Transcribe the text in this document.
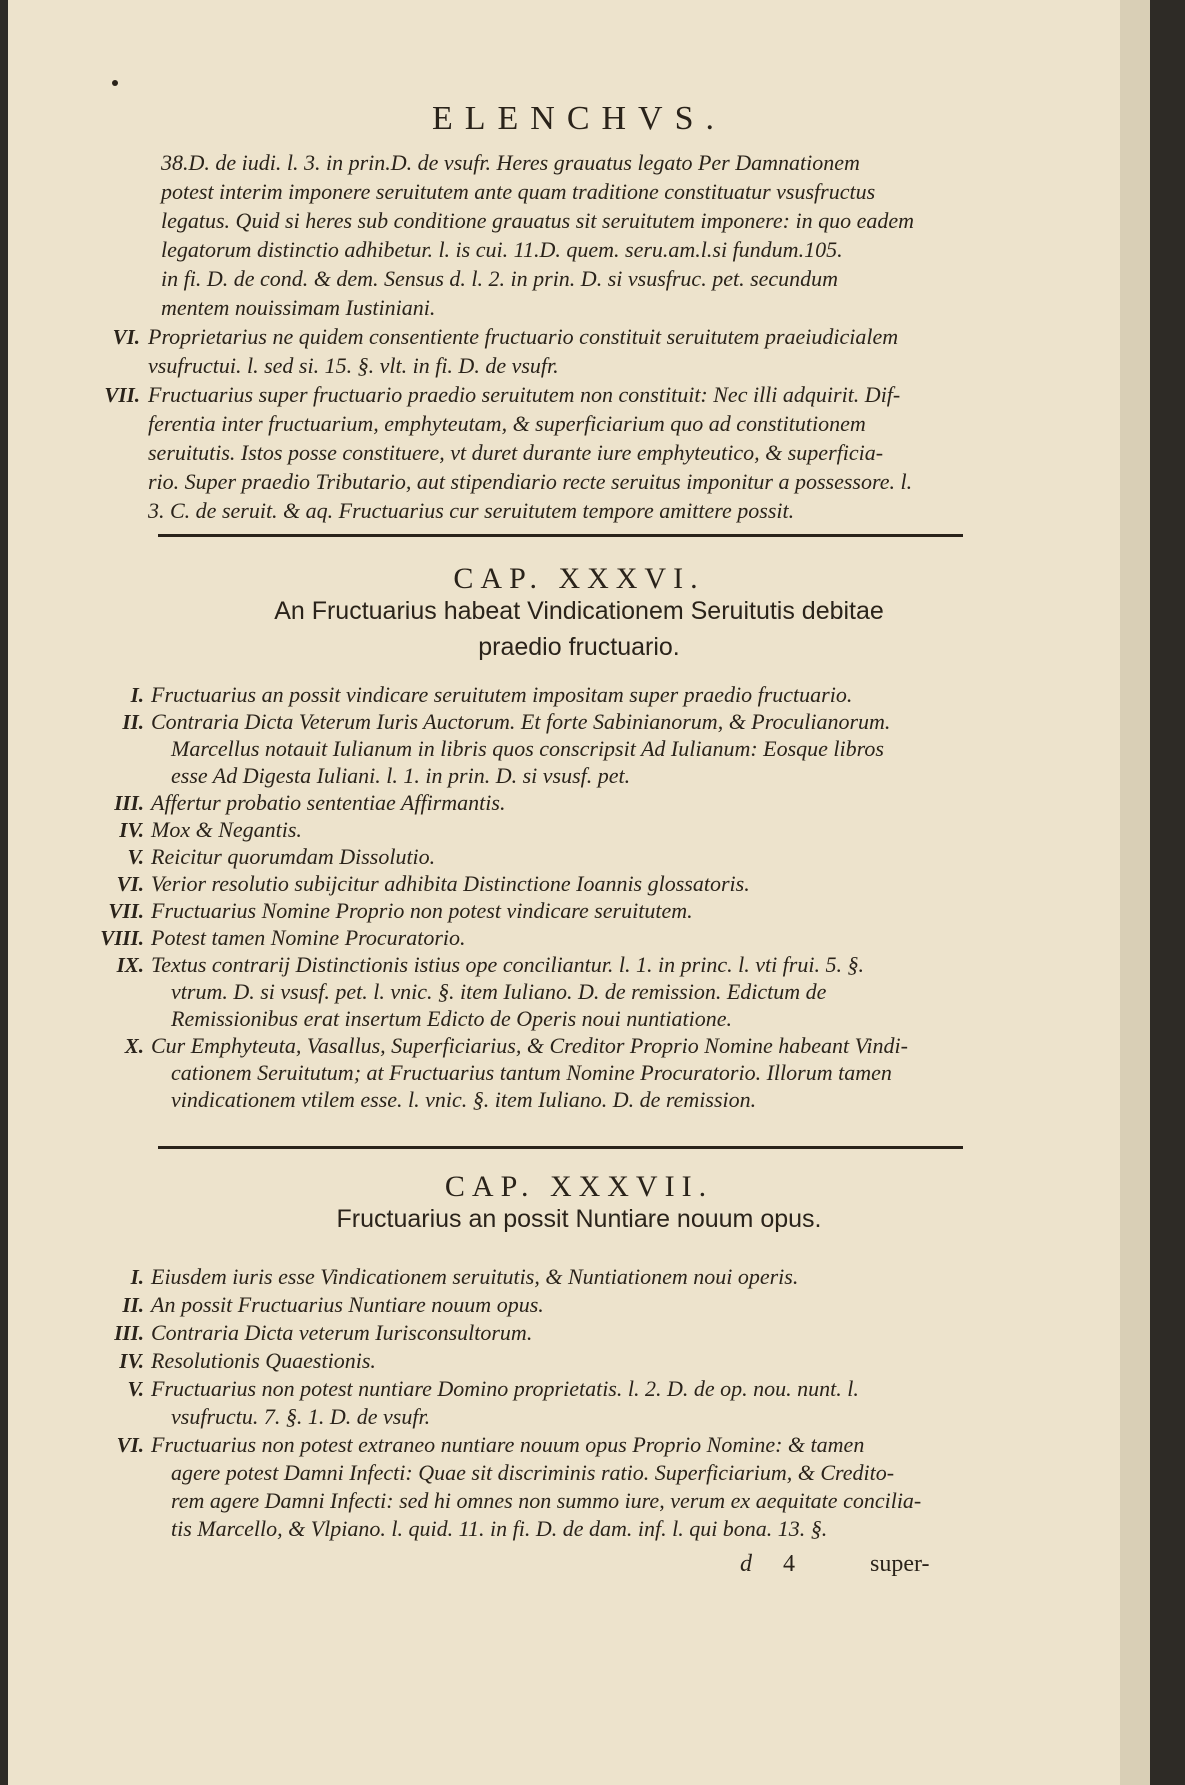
ELENCHVS.
38.D. de iudi. l. 3. in prin.D. de vsufr. Heres grauatus legato Per Damnationem
potest interim imponere seruitutem ante quam traditione constituatur vsusfructus
legatus. Quid si heres sub conditione grauatus sit seruitutem imponere: in quo eadem
legatorum distinctio adhibetur. l. is cui. 11.D. quem. seru.am.l.si fundum.105.
in fi. D. de cond. & dem. Sensus d. l. 2. in prin. D. si vsusfruc. pet. secundum
mentem nouissimam Iustiniani.
VI. Proprietarius ne quidem consentiente fructuario constituit seruitutem praeiudicialem
vsufructui. l. sed si. 15. §. vlt. in fi. D. de vsufr.
VII. Fructuarius super fructuario praedio seruitutem non constituit: Nec illi adquirit. Dif-
ferentia inter fructuarium, emphyteutam, & superficiarium quo ad constitutionem
seruitutis. Istos posse constituere, vt duret durante iure emphyteutico, & superficia-
rio. Super praedio Tributario, aut stipendiario recte seruitus imponitur a possessore. l.
3. C. de seruit. & aq. Fructuarius cur seruitutem tempore amittere possit.
CAP. XXXVI.
An Fructuarius habeat Vindicationem Seruitutis debitae
praedio fructuario.
I. Fructuarius an possit vindicare seruitutem impositam super praedio fructuario.
II. Contraria Dicta Veterum Iuris Auctorum. Et forte Sabinianorum, & Proculianorum.
Marcellus notauit Iulianum in libris quos conscripsit Ad Iulianum: Eosque libros
esse Ad Digesta Iuliani. l. 1. in prin. D. si vsusf. pet.
III. Affertur probatio sententiae Affirmantis.
IV. Mox & Negantis.
V. Reicitur quorumdam Dissolutio.
VI. Verior resolutio subijcitur adhibita Distinctione Ioannis glossatoris.
VII. Fructuarius Nomine Proprio non potest vindicare seruitutem.
VIII. Potest tamen Nomine Procuratorio.
IX. Textus contrarij Distinctionis istius ope conciliantur. l. 1. in princ. l. vti frui. 5. §.
vtrum. D. si vsusf. pet. l. vnic. §. item Iuliano. D. de remission. Edictum de
Remissionibus erat insertum Edicto de Operis noui nuntiatione.
X. Cur Emphyteuta, Vasallus, Superficiarius, & Creditor Proprio Nomine habeant Vindi-
cationem Seruitutum; at Fructuarius tantum Nomine Procuratorio. Illorum tamen
vindicationem vtilem esse. l. vnic. §. item Iuliano. D. de remission.
CAP. XXXVII.
Fructuarius an possit Nuntiare nouum opus.
I. Eiusdem iuris esse Vindicationem seruitutis, & Nuntiationem noui operis.
II. An possit Fructuarius Nuntiare nouum opus.
III. Contraria Dicta veterum Iurisconsultorum.
IV. Resolutionis Quaestionis.
V. Fructuarius non potest nuntiare Domino proprietatis. l. 2. D. de op. nou. nunt. l.
vsufructu. 7. §. 1. D. de vsufr.
VI. Fructuarius non potest extraneo nuntiare nouum opus Proprio Nomine: & tamen
agere potest Damni Infecti: Quae sit discriminis ratio. Superficiarium, & Credito-
rem agere Damni Infecti: sed hi omnes non summo iure, verum ex aequitate concilia-
tis Marcello, & Vlpiano. l. quid. 11. in fi. D. de dam. inf. l. qui bona. 13. §.
d 4	super-
